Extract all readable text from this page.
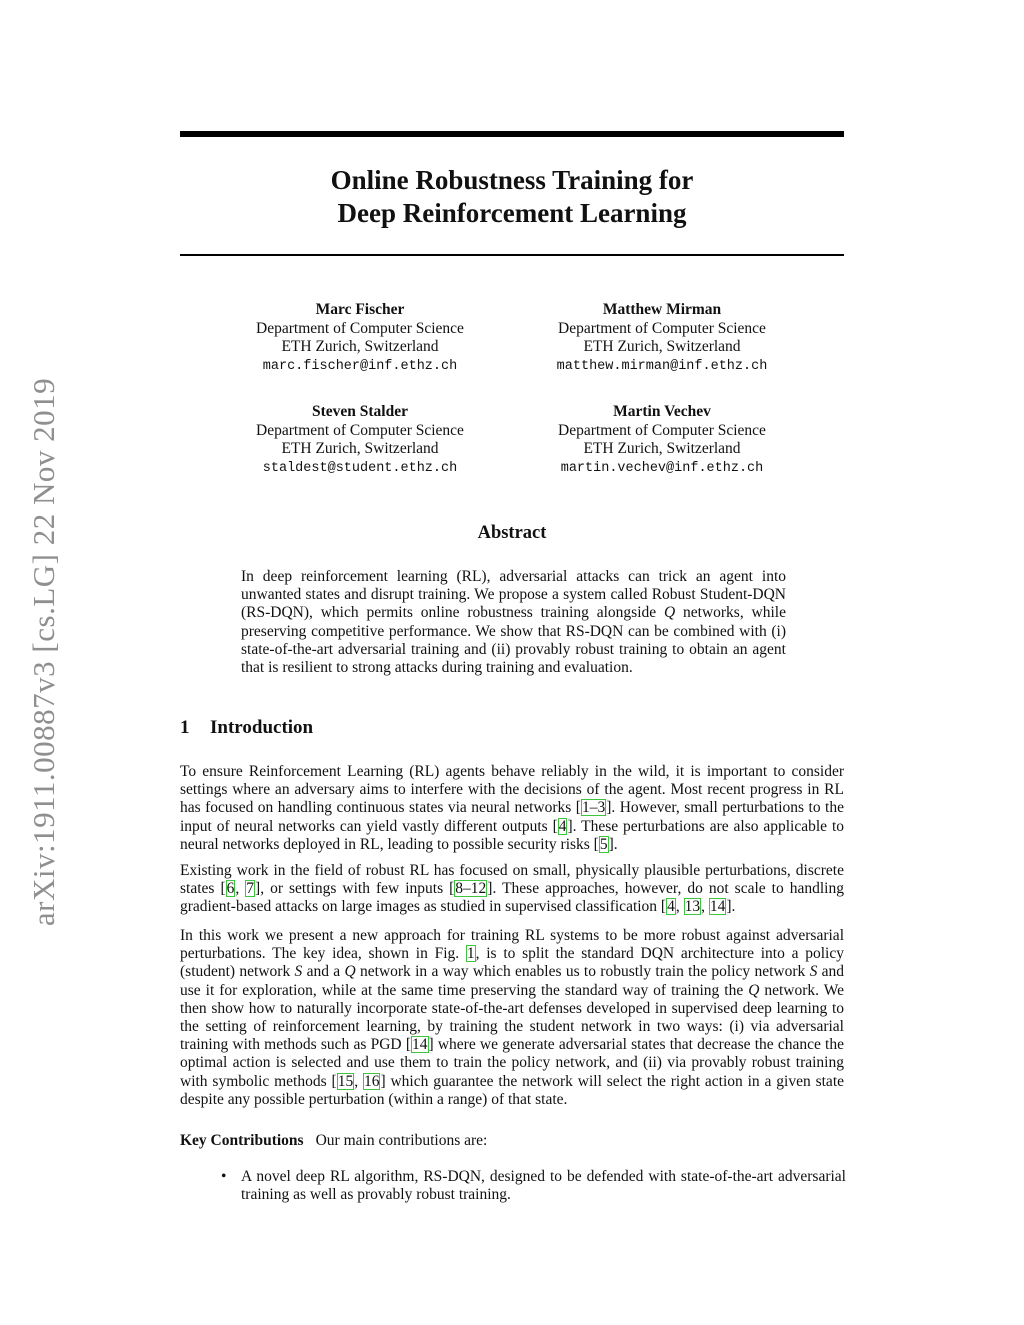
arXiv:1911.00887v3 [cs.LG] 22 Nov 2019
Online Robustness Training for
Deep Reinforcement Learning
Marc Fischer
Department of Computer Science
ETH Zurich, Switzerland
marc.fischer@inf.ethz.ch
Matthew Mirman
Department of Computer Science
ETH Zurich, Switzerland
matthew.mirman@inf.ethz.ch
Steven Stalder
Department of Computer Science
ETH Zurich, Switzerland
staldest@student.ethz.ch
Martin Vechev
Department of Computer Science
ETH Zurich, Switzerland
martin.vechev@inf.ethz.ch
Abstract
In deep reinforcement learning (RL), adversarial attacks can trick an agent into unwanted states and disrupt training. We propose a system called Robust Student-DQN (RS-DQN), which permits online robustness training alongside Q networks, while preserving competitive performance. We show that RS-DQN can be combined with (i) state-of-the-art adversarial training and (ii) provably robust training to obtain an agent that is resilient to strong attacks during training and evaluation.
1 Introduction

To ensure Reinforcement Learning (RL) agents behave reliably in the wild, it is important to consider settings where an adversary aims to interfere with the decisions of the agent. Most recent progress in RL has focused on handling continuous states via neural networks [1–3]. However, small perturbations to the input of neural networks can yield vastly different outputs [4]. These perturbations are also applicable to neural networks deployed in RL, leading to possible security risks [5].

Existing work in the field of robust RL has focused on small, physically plausible perturbations, discrete states [6, 7], or settings with few inputs [8–12]. These approaches, however, do not scale to handling gradient-based attacks on large images as studied in supervised classification [4, 13, 14].

In this work we present a new approach for training RL systems to be more robust against adversarial perturbations. The key idea, shown in Fig. 1, is to split the standard DQN architecture into a policy (student) network S and a Q network in a way which enables us to robustly train the policy network S and use it for exploration, while at the same time preserving the standard way of training the Q network. We then show how to naturally incorporate state-of-the-art defenses developed in supervised deep learning to the setting of reinforcement learning, by training the student network in two ways: (i) via adversarial training with methods such as PGD [14] where we generate adversarial states that decrease the chance the optimal action is selected and use them to train the policy network, and (ii) via provably robust training with symbolic methods [15, 16] which guarantee the network will select the right action in a given state despite any possible perturbation (within a range) of that state.

Key Contributions Our main contributions are:
• A novel deep RL algorithm, RS-DQN, designed to be defended with state-of-the-art adversarial training as well as provably robust training.
